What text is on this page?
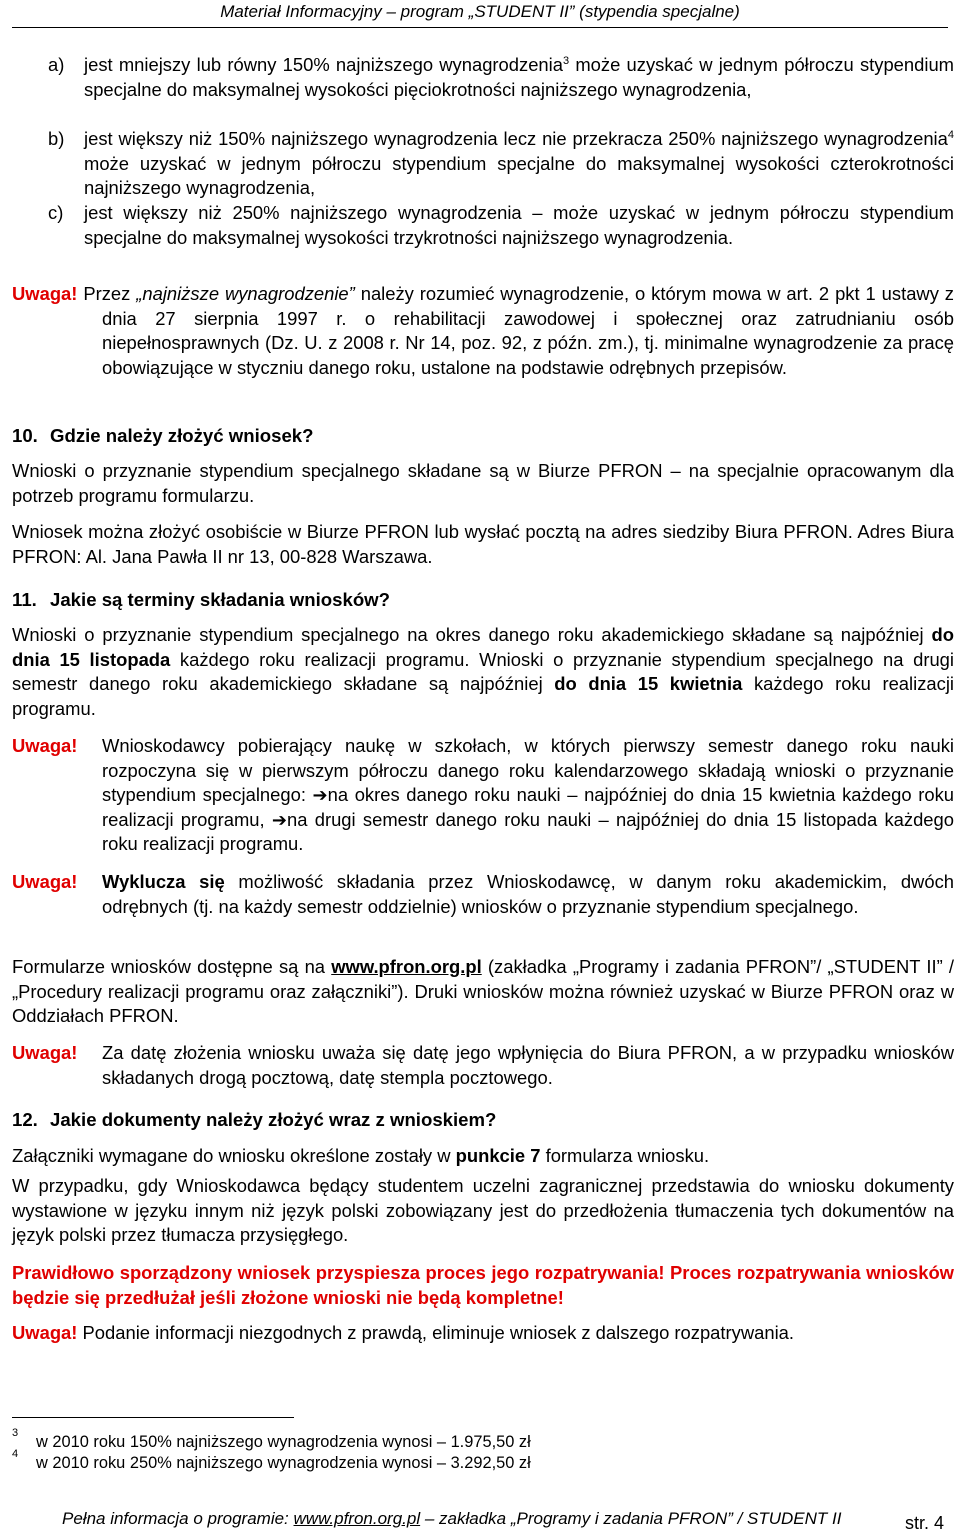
Materiał Informacyjny – program „STUDENT II” (stypendia specjalne)
a) jest mniejszy lub równy 150% najniższego wynagrodzenia$^3$ może uzyskać w jednym półroczu stypendium specjalne do maksymalnej wysokości pięciokrotności najniższego wynagrodzenia,
b) jest większy niż 150% najniższego wynagrodzenia lecz nie przekracza 250% najniższego wynagrodzenia$^4$ może uzyskać w jednym półroczu stypendium specjalne do maksymalnej wysokości czterokrotności najniższego wynagrodzenia,
c) jest większy niż 250% najniższego wynagrodzenia – może uzyskać w jednym półroczu stypendium specjalne do maksymalnej wysokości trzykrotności najniższego wynagrodzenia.
Uwaga! Przez „najniższe wynagrodzenie” należy rozumieć wynagrodzenie, o którym mowa w art. 2 pkt 1 ustawy z dnia 27 sierpnia 1997 r. o rehabilitacji zawodowej i społecznej oraz zatrudnianiu osób niepełnosprawnych (Dz. U. z 2008 r. Nr 14, poz. 92, z późn. zm.), tj. minimalne wynagrodzenie za pracę obowiązujące w styczniu danego roku, ustalone na podstawie odrębnych przepisów.
10. Gdzie należy złożyć wniosek?
Wnioski o przyznanie stypendium specjalnego składane są w Biurze PFRON – na specjalnie opracowanym dla potrzeb programu formularzu.
Wniosek można złożyć osobiście w Biurze PFRON lub wysłać pocztą na adres siedziby Biura PFRON. Adres Biura PFRON: Al. Jana Pawła II nr 13, 00-828 Warszawa.
11. Jakie są terminy składania wniosków?
Wnioski o przyznanie stypendium specjalnego na okres danego roku akademickiego składane są najpóźniej do dnia 15 listopada każdego roku realizacji programu. Wnioski o przyznanie stypendium specjalnego na drugi semestr danego roku akademickiego składane są najpóźniej do dnia 15 kwietnia każdego roku realizacji programu.
Uwaga! Wnioskodawcy pobierający naukę w szkołach, w których pierwszy semestr danego roku nauki rozpoczyna się w pierwszym półroczu danego roku kalendarzowego składają wnioski o przyznanie stypendium specjalnego: ➔na okres danego roku nauki – najpóźniej do dnia 15 kwietnia każdego roku realizacji programu, ➔na drugi semestr danego roku nauki – najpóźniej do dnia 15 listopada każdego roku realizacji programu.
Uwaga! Wyklucza się możliwość składania przez Wnioskodawcę, w danym roku akademickim, dwóch odrębnych (tj. na każdy semestr oddzielnie) wniosków o przyznanie stypendium specjalnego.
Formularze wniosków dostępne są na www.pfron.org.pl (zakładka „Programy i zadania PFRON”/ „STUDENT II” / „Procedury realizacji programu oraz załączniki”). Druki wniosków można również uzyskać w Biurze PFRON oraz w Oddziałach PFRON.
Uwaga! Za datę złożenia wniosku uważa się datę jego wpłynięcia do Biura PFRON, a w przypadku wniosków składanych drogą pocztową, datę stempla pocztowego.
12. Jakie dokumenty należy złożyć wraz z wnioskiem?
Załączniki wymagane do wniosku określone zostały w punkcie 7 formularza wniosku.
W przypadku, gdy Wnioskodawca będący studentem uczelni zagranicznej przedstawia do wniosku dokumenty wystawione w języku innym niż język polski zobowiązany jest do przedłożenia tłumaczenia tych dokumentów na język polski przez tłumacza przysięgłego.
Prawidłowo sporządzony wniosek przyspiesza proces jego rozpatrywania! Proces rozpatrywania wniosków będzie się przedłużał jeśli złożone wnioski nie będą kompletne!
Uwaga! Podanie informacji niezgodnych z prawdą, eliminuje wniosek z dalszego rozpatrywania.
3 w 2010 roku 150% najniższego wynagrodzenia wynosi – 1.975,50 zł
4 w 2010 roku 250% najniższego wynagrodzenia wynosi – 3.292,50 zł
Pełna informacja o programie: www.pfron.org.pl – zakładka „Programy i zadania PFRON” / STUDENT II	str. 4
